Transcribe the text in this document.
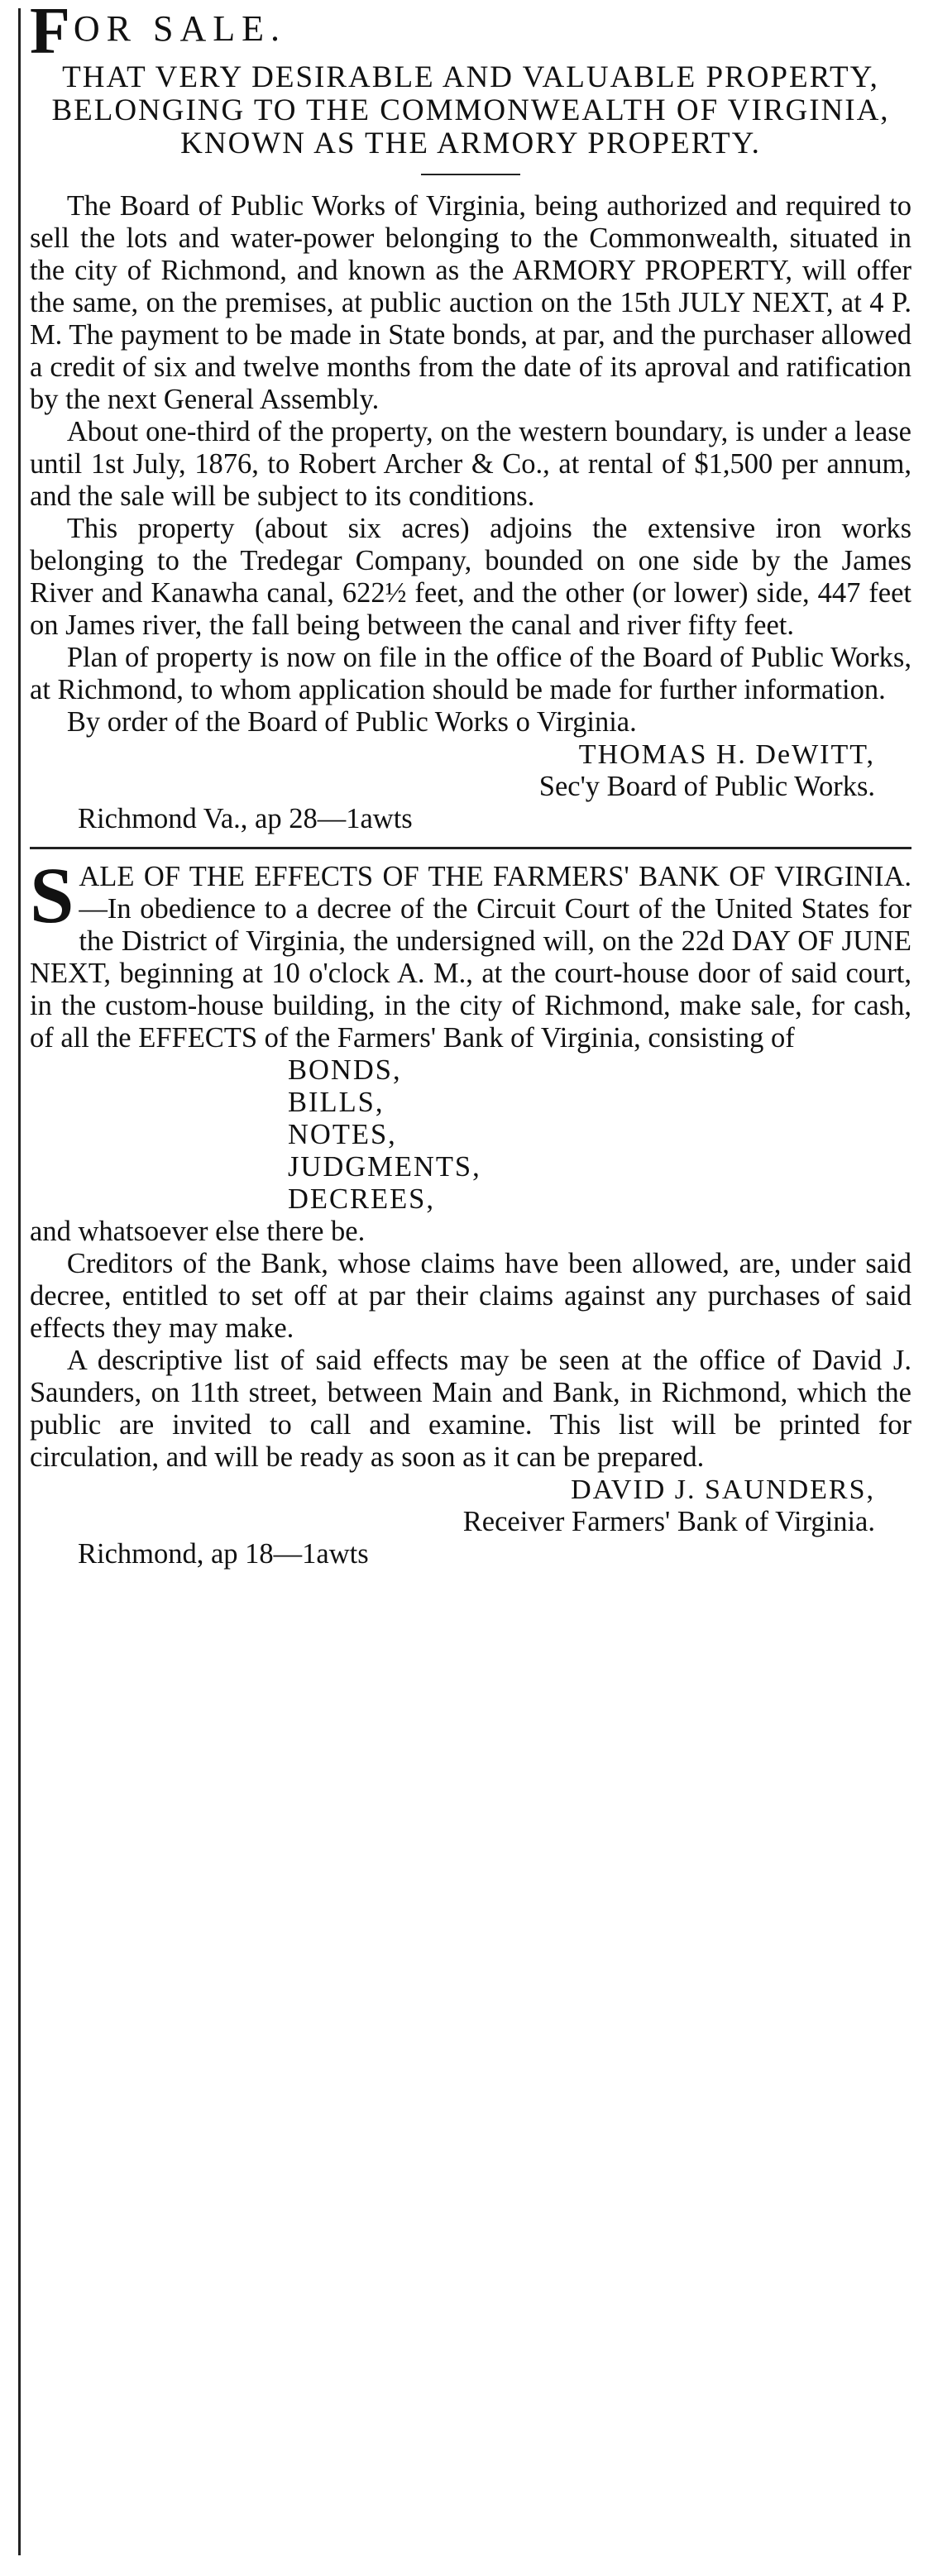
FOR SALE.

THAT VERY DESIRABLE AND VALUABLE PROPERTY, BELONGING TO THE COMMONWEALTH OF VIRGINIA, KNOWN AS THE ARMORY PROPERTY.

The Board of Public Works of Virginia, being authorized and required to sell the lots and water-power belonging to the Commonwealth, situated in the city of Richmond, and known as the ARMORY PROPERTY, will offer the same, on the premises, at public auction on the 15th JULY NEXT, at 4 P. M. The payment to be made in State bonds, at par, and the purchaser allowed a credit of six and twelve months from the date of its aproval and ratification by the next General Assembly.

About one-third of the property, on the western boundary, is under a lease until 1st July, 1876, to Robert Archer & Co., at rental of $1,500 per annum, and the sale will be subject to its conditions.

This property (about six acres) adjoins the extensive iron works belonging to the Tredegar Company, bounded on one side by the James River and Kanawha canal, 622½ feet, and the other (or lower) side, 447 feet on James river, the fall being between the canal and river fifty feet.

Plan of property is now on file in the office of the Board of Public Works, at Richmond, to whom application should be made for further information.

By order of the Board of Public Works o Virginia.

THOMAS H. DeWITT,

Sec'y Board of Public Works.

Richmond Va., ap 28—1awts

SALE OF THE EFFECTS OF THE FARMERS' BANK OF VIRGINIA.—In obedience to a decree of the Circuit Court of the United States for the District of Virginia, the undersigned will, on the 22d DAY OF JUNE NEXT, beginning at 10 o'clock A. M., at the court-house door of said court, in the custom-house building, in the city of Richmond, make sale, for cash, of all the EFFECTS of the Farmers' Bank of Virginia, consisting of

BONDS,
BILLS,
NOTES,
JUDGMENTS,
DECREES,

and whatsoever else there be.

Creditors of the Bank, whose claims have been allowed, are, under said decree, entitled to set off at par their claims against any purchases of said effects they may make.

A descriptive list of said effects may be seen at the office of David J. Saunders, on 11th street, between Main and Bank, in Richmond, which the public are invited to call and examine. This list will be printed for circulation, and will be ready as soon as it can be prepared.

DAVID J. SAUNDERS,

Receiver Farmers' Bank of Virginia.

Richmond, ap 18—1awts
